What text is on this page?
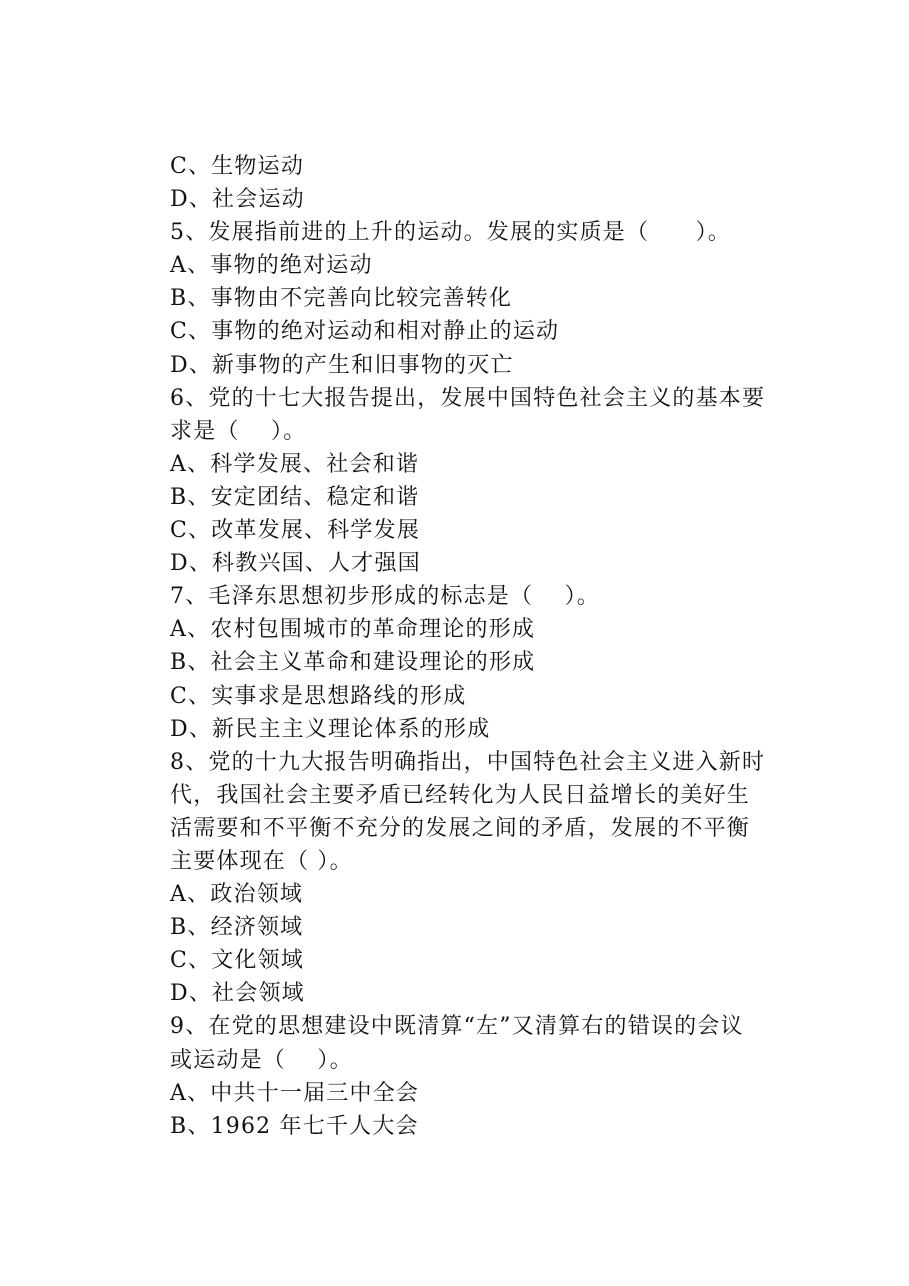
C、生物运动
D、社会运动
5、发展指前进的上升的运动。发展的实质是（　　）。
A、事物的绝对运动
B、事物由不完善向比较完善转化
C、事物的绝对运动和相对静止的运动
D、新事物的产生和旧事物的灭亡
6、党的十七大报告提出，发展中国特色社会主义的基本要
求是（　 ）。
A、科学发展、社会和谐
B、安定团结、稳定和谐
C、改革发展、科学发展
D、科教兴国、人才强国
7、毛泽东思想初步形成的标志是（　 ）。
A、农村包围城市的革命理论的形成
B、社会主义革命和建设理论的形成
C、实事求是思想路线的形成
D、新民主主义理论体系的形成
8、党的十九大报告明确指出，中国特色社会主义进入新时
代，我国社会主要矛盾已经转化为人民日益增长的美好生
活需要和不平衡不充分的发展之间的矛盾，发展的不平衡
主要体现在（ ）。
A、政治领域
B、经济领域
C、文化领域
D、社会领域
9、在党的思想建设中既清算“左”又清算右的错误的会议
或运动是（　 ）。
A、中共十一届三中全会
B、1962 年七千人大会
